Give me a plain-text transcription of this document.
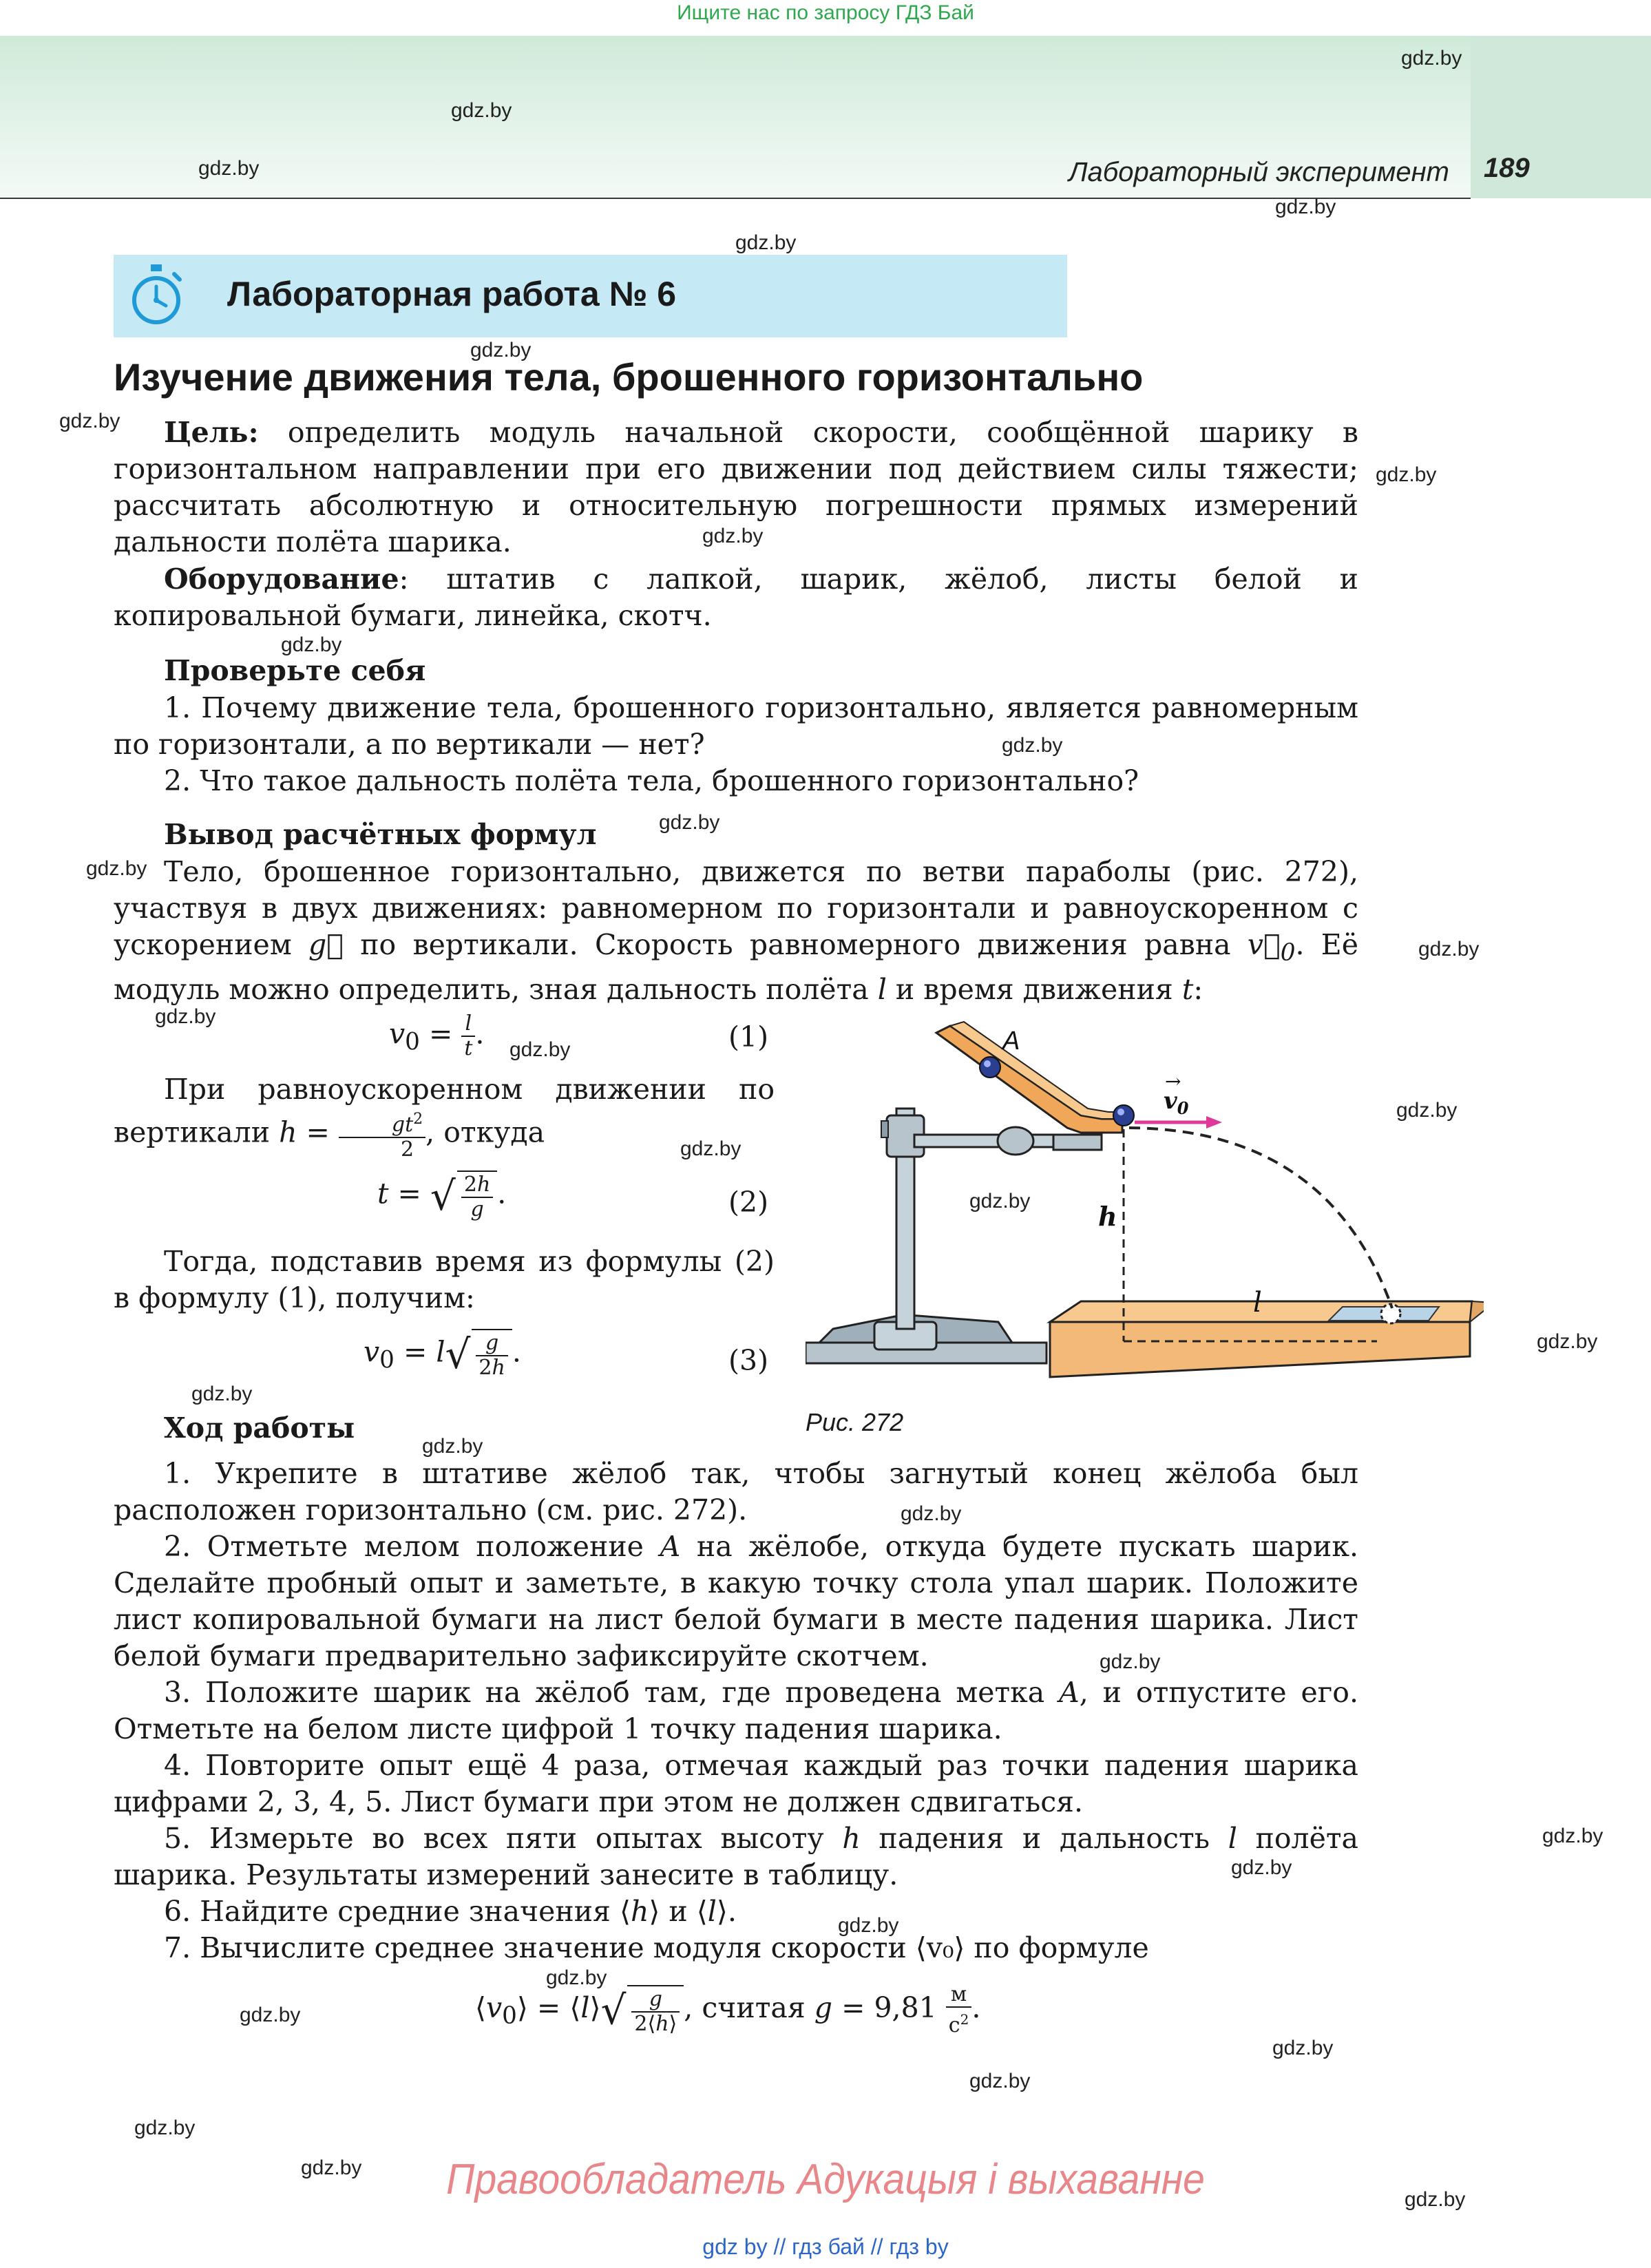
Ищите нас по запросу ГДЗ Бай
Лабораторный эксперимент 189
gdz.by
gdz.by
gdz.by
gdz.by
gdz.by
gdz.by
gdz.by
gdz.by
gdz.by
gdz.by
gdz.by
gdz.by
gdz.by
gdz.by
gdz.by
gdz.by
gdz.by
gdz.by
gdz.by
gdz.by
gdz.by
gdz.by
gdz.by
gdz.by
gdz.by
gdz.by
gdz.by
gdz.by
gdz.by
gdz.by
gdz.by
gdz.by
gdz.by
gdz.by
Лабораторная работа № 6
Изучение движения тела, брошенного горизонтально
Цель: определить модуль начальной скорости, сообщённой шарику в горизонтальном направлении при его движении под действием силы тяжести; рассчитать абсолютную и относительную погрешности прямых измерений дальности полёта шарика.
Оборудование: штатив с лапкой, шарик, жёлоб, листы белой и копировальной бумаги, линейка, скотч.
Проверьте себя
1. Почему движение тела, брошенного горизонтально, является равномерным по горизонтали, а по вертикали — нет?
2. Что такое дальность полёта тела, брошенного горизонтально?
Вывод расчётных формул
Тело, брошенное горизонтально, движется по ветви параболы (рис. 272), участвуя в двух движениях: равномерном по горизонтали и равноускоренном с ускорением g⃗ по вертикали. Скорость равномерного движения равна $v⃗_0$. Её модуль можно определить, зная дальность полёта l и время движения t:
$v_0 = \frac{l}{t}$ .	(1)
При равноускоренном движении по вертикали $h = \frac{gt^2}{2}$ , откуда
t = √ $\frac{2h}{g}$ .	(2)
Тогда, подставив время из формулы (2) в формулу (1), получим:
$v_0 = l√ \frac{g}{2h}$ .	(3)
A
$v_0$
→
h
l
Рис. 272
Ход работы
1. Укрепите в штативе жёлоб так, чтобы загнутый конец жёлоба был расположен горизонтально (см. рис. 272).
2. Отметьте мелом положение A на жёлобе, откуда будете пускать шарик. Сделайте пробный опыт и заметьте, в какую точку стола упал шарик. Положите лист копировальной бумаги на лист белой бумаги в месте падения шарика. Лист белой бумаги предварительно зафиксируйте скотчем.
3. Положите шарик на жёлоб там, где проведена метка A, и отпустите его. Отметьте на белом листе цифрой 1 точку падения шарика.
4. Повторите опыт ещё 4 раза, отмечая каждый раз точки падения шарика цифрами 2, 3, 4, 5. Лист бумаги при этом не должен сдвигаться.
5. Измерьте во всех пяти опытах высоту h падения и дальность l полёта шарика. Результаты измерений занесите в таблицу.
6. Найдите средние значения ⟨h⟩ и ⟨l⟩.
7. Вычислите среднее значение модуля скорости ⟨v₀⟩ по формуле
$⟨v_0⟩$ = ⟨l⟩√ $\frac{g}{2⟨h⟩}$ , считая $g = 9,81 \frac{м}{с^2}$ .
Правообладатель Адукацыя і выхаванне
gdz by // гдз бай // гдз by
